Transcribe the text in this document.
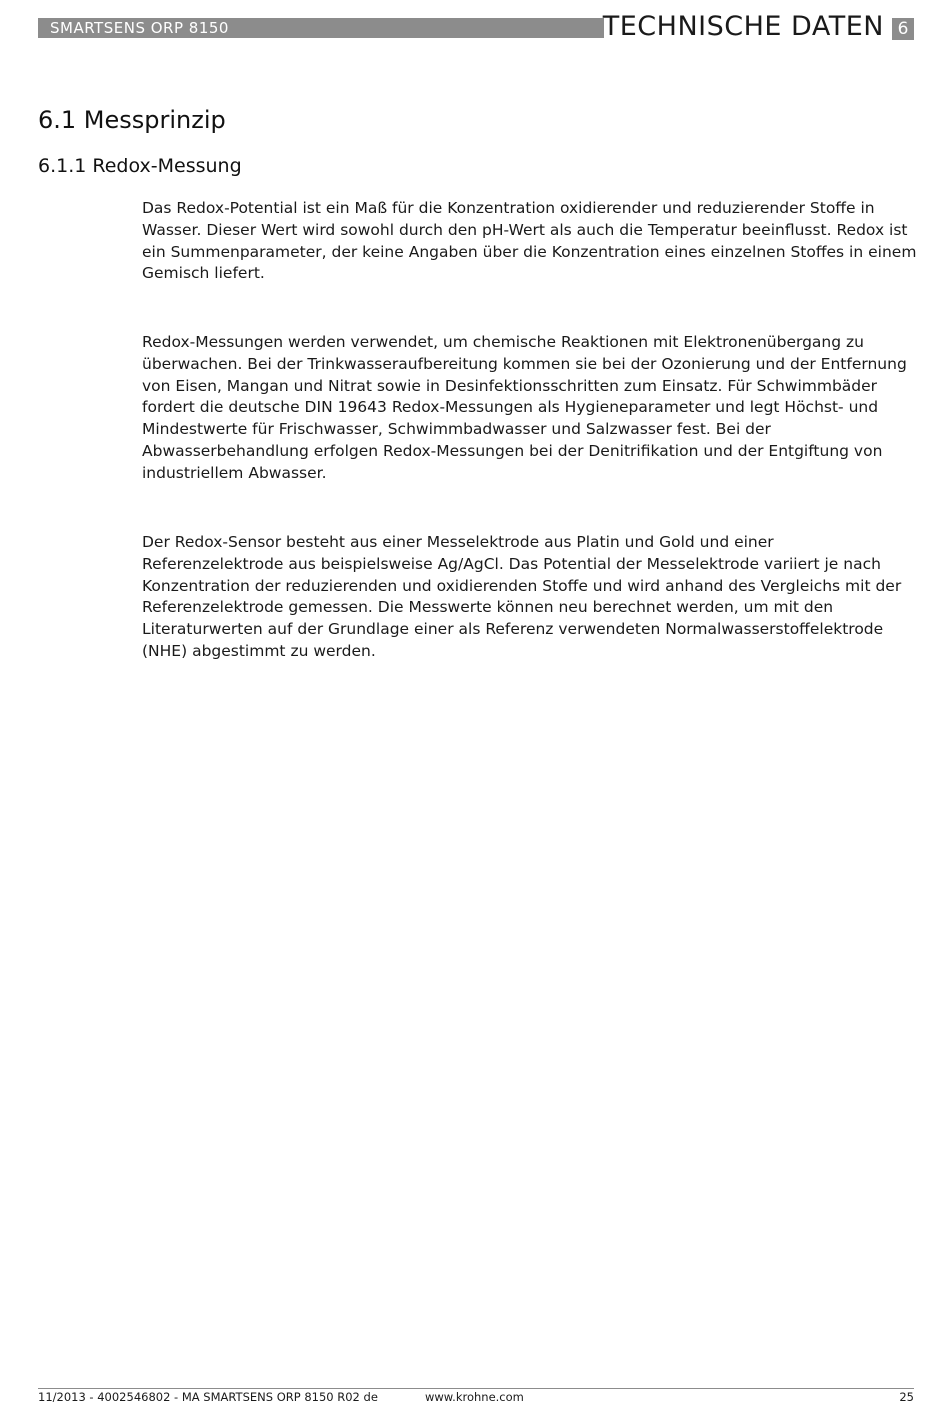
SMARTSENS ORP 8150	TECHNISCHE DATEN 6
6.1 Messprinzip
6.1.1 Redox-Messung

Das Redox-Potential ist ein Maß für die Konzentration oxidierender und reduzierender Stoffe in Wasser. Dieser Wert wird sowohl durch den pH-Wert als auch die Temperatur beeinflusst. Redox ist ein Summenparameter, der keine Angaben über die Konzentration eines einzelnen Stoffes in einem Gemisch liefert.

Redox-Messungen werden verwendet, um chemische Reaktionen mit Elektronenübergang zu überwachen. Bei der Trinkwasseraufbereitung kommen sie bei der Ozonierung und der Entfernung von Eisen, Mangan und Nitrat sowie in Desinfektionsschritten zum Einsatz. Für Schwimmbäder fordert die deutsche DIN 19643 Redox-Messungen als Hygieneparameter und legt Höchst- und Mindestwerte für Frischwasser, Schwimmbadwasser und Salzwasser fest. Bei der Abwasserbehandlung erfolgen Redox-Messungen bei der Denitrifikation und der Entgiftung von industriellem Abwasser.

Der Redox-Sensor besteht aus einer Messelektrode aus Platin und Gold und einer Referenzelektrode aus beispielsweise Ag/AgCl. Das Potential der Messelektrode variiert je nach Konzentration der reduzierenden und oxidierenden Stoffe und wird anhand des Vergleichs mit der Referenzelektrode gemessen. Die Messwerte können neu berechnet werden, um mit den Literaturwerten auf der Grundlage einer als Referenz verwendeten Normalwasserstoffelektrode (NHE) abgestimmt zu werden.

11/2013 - 4002546802 - MA SMARTSENS ORP 8150 R02 de	www.krohne.com	25
